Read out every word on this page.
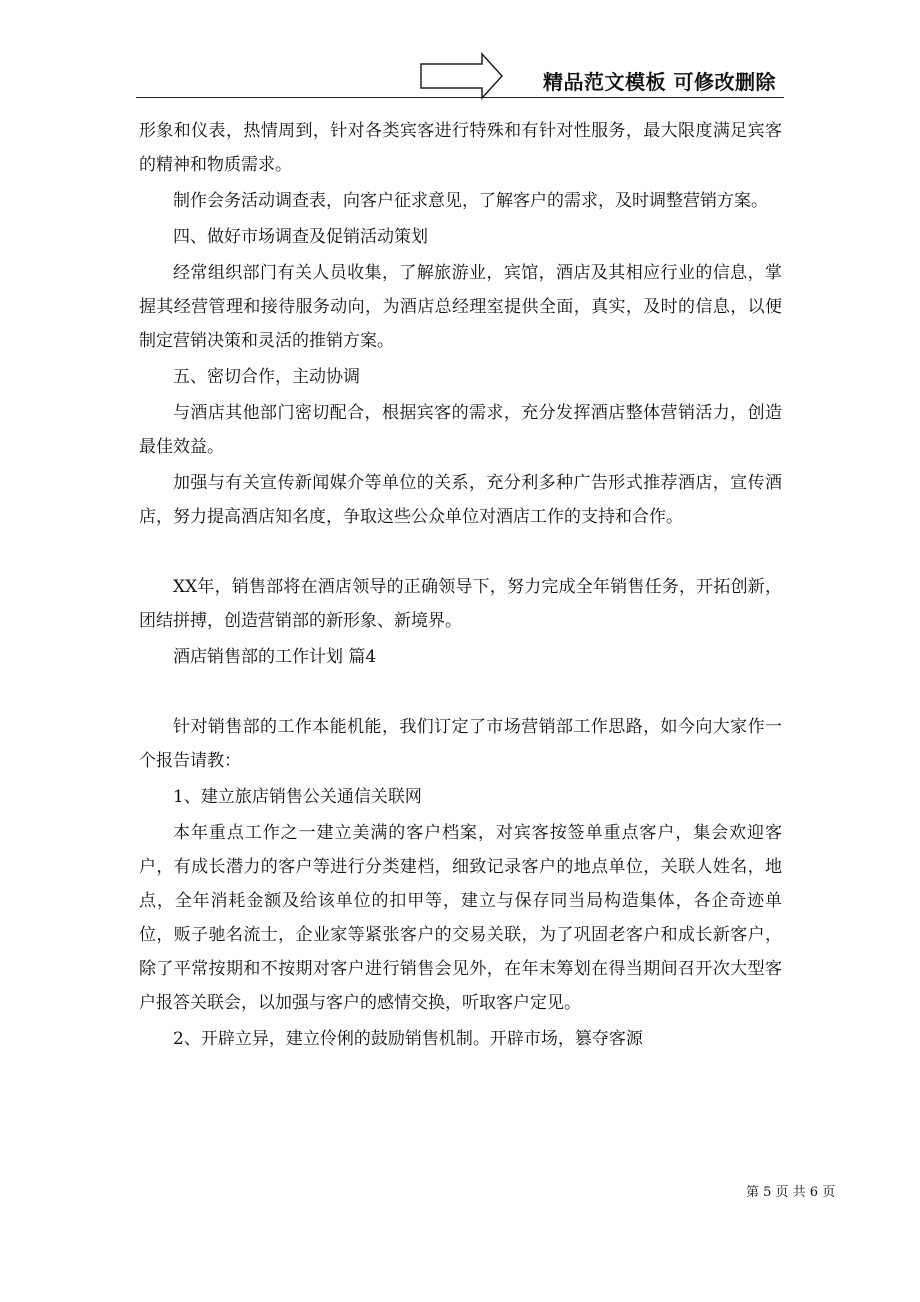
精品范文模板 可修改删除

形象和仪表，热情周到，针对各类宾客进行特殊和有针对性服务，最大限度满足宾客的精神和物质需求。

制作会务活动调查表，向客户征求意见，了解客户的需求，及时调整营销方案。

四、做好市场调查及促销活动策划

经常组织部门有关人员收集，了解旅游业，宾馆，酒店及其相应行业的信息，掌握其经营管理和接待服务动向，为酒店总经理室提供全面，真实，及时的信息，以便制定营销决策和灵活的推销方案。

五、密切合作，主动协调

与酒店其他部门密切配合，根据宾客的需求，充分发挥酒店整体营销活力，创造最佳效益。

加强与有关宣传新闻媒介等单位的关系，充分利多种广告形式推荐酒店，宣传酒店，努力提高酒店知名度，争取这些公众单位对酒店工作的支持和合作。

XX年，销售部将在酒店领导的正确领导下，努力完成全年销售任务，开拓创新，团结拼搏，创造营销部的新形象、新境界。

酒店销售部的工作计划 篇4

针对销售部的工作本能机能，我们订定了市场营销部工作思路，如今向大家作一个报告请教：

1、建立旅店销售公关通信关联网

本年重点工作之一建立美满的客户档案，对宾客按签单重点客户，集会欢迎客户，有成长潜力的客户等进行分类建档，细致记录客户的地点单位，关联人姓名，地点，全年消耗金额及给该单位的扣甲等，建立与保存同当局构造集体，各企奇迹单位，贩子驰名流士，企业家等紧张客户的交易关联，为了巩固老客户和成长新客户，除了平常按期和不按期对客户进行销售会见外，在年末筹划在得当期间召开次大型客户报答关联会，以加强与客户的感情交换，听取客户定见。

2、开辟立异，建立伶俐的鼓励销售机制。开辟市场，篡夺客源

第 5 页 共 6 页
